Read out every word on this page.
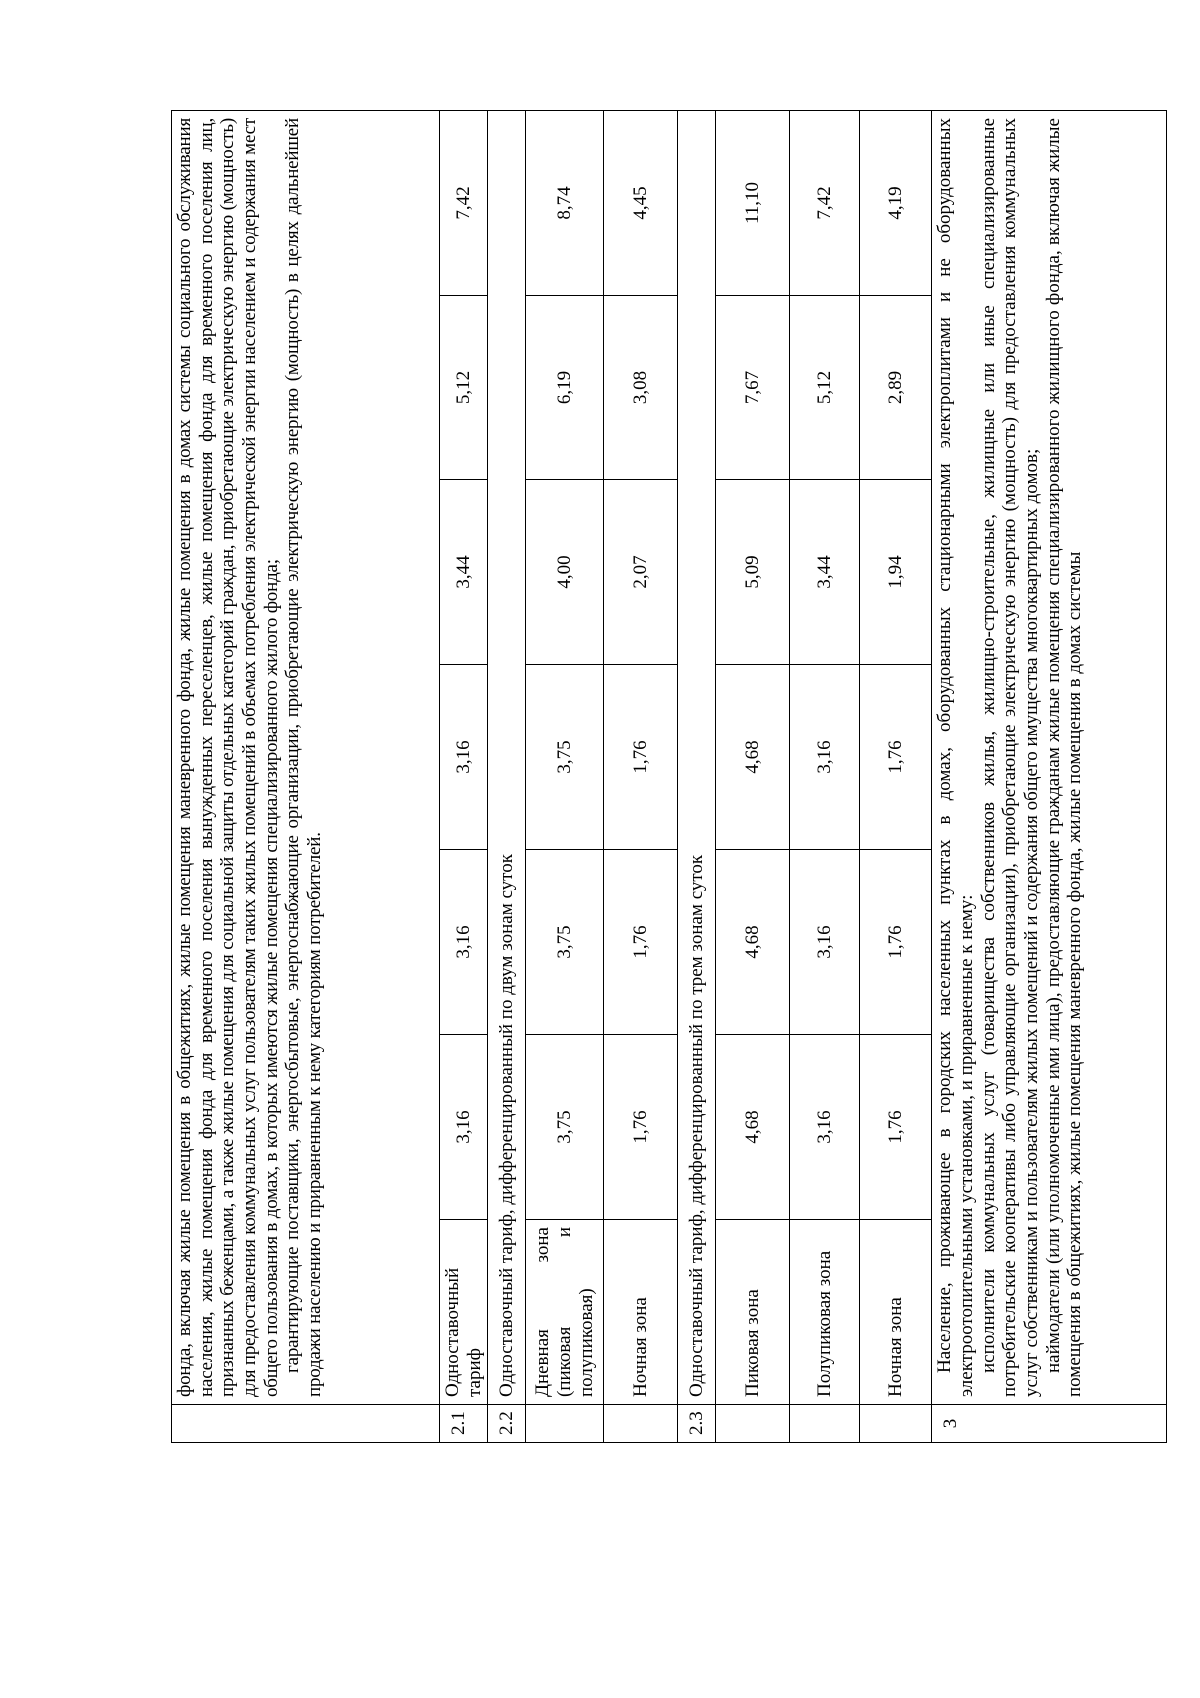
	фонда, включая жилые помещения в общежитиях, жилые помещения маневренного фонда, жилые помещения в домах системы социального обслуживания населения, жилые помещения фонда для временного поселения вынужденных переселенцев, жилые помещения фонда для временного поселения лиц, признанных беженцами, а также жилые помещения для социальной защиты отдельных категорий граждан, приобретающие электрическую энергию (мощность) для предоставления коммунальных услуг пользователям таких жилых помещений в объемах потребления электрической энергии населением и содержания мест общего пользования в домах, в которых имеются жилые помещения специализированного жилого фонда; гарантирующие поставщики, энергосбытовые, энергоснабжающие организации, приобретающие электрическую энергию (мощность) в целях дальнейшей продажи населению и приравненным к нему категориям потребителей.						

2.1	Одноставочный тариф	3,16	3,16	3,16	3,44	5,12	7,42
2.2	Одноставочный тариф, дифференцированный по двум зонам суток						
	Дневная зона (пиковая и полупиковая)	3,75	3,75	3,75	4,00	6,19	8,74
	Ночная зона	1,76	1,76	1,76	2,07	3,08	4,45
2.3	Одноставочный тариф, дифференцированный по трем зонам суток						
	Пиковая зона	4,68	4,68	4,68	5,09	7,67	11,10
	Полупиковая зона	3,16	3,16	3,16	3,44	5,12	7,42
	Ночная зона	1,76	1,76	1,76	1,94	2,89	4,19
3	Население, проживающее в городских населенных пунктах в домах, оборудованных стационарными электроплитами и не оборудованных электроотопительными установками, и приравненные к нему: исполнители коммунальных услуг (товарищества собственников жилья, жилищно-строительные, жилищные или иные специализированные потребительские кооперативы либо управляющие организации), приобретающие электрическую энергию (мощность) для предоставления коммунальных услуг собственникам и пользователям жилых помещений и содержания общего имущества многоквартирных домов; наймодатели (или уполномоченные ими лица), предоставляющие гражданам жилые помещения специализированного жилищного фонда, включая жилые помещения в общежитиях, жилые помещения маневренного фонда, жилые помещения в домах системы						
